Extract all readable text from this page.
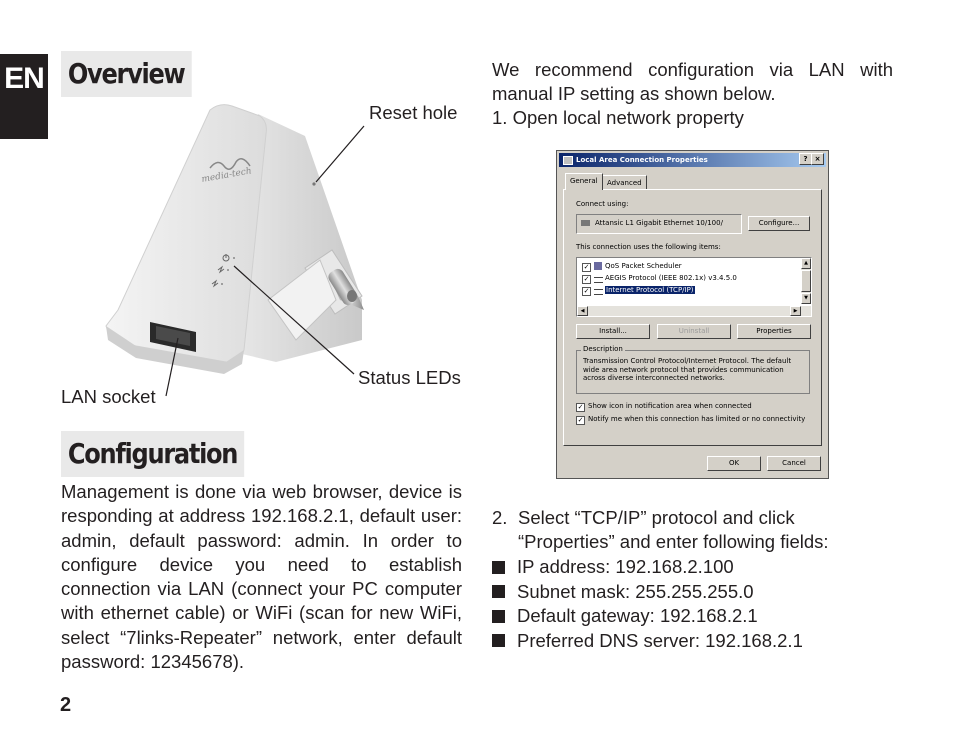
EN Overview
media-tech
Reset hole
Status LEDs
LAN socket
Configuration

Management is done via web browser, device is responding at address 192.168.2.1, default user: admin, default password: admin. In order to configure device you need to establish connection via LAN (connect your PC computer with ethernet cable) or WiFi (scan for new WiFi, select “7links-Repeater” network, enter default password: 12345678).

We recommend configuration via LAN with manual IP setting as shown below.

1. Open local network property
Local Area Connection Properties	?	×
General	Advanced
Connect using:
Attansic L1 Gigabit Ethernet 10/100/	Configure...
This connection uses the following items:
✓ QoS Packet Scheduler
✓ AEGIS Protocol (IEEE 802.1x) v3.4.5.0
✓ Internet Protocol (TCP/IP)
▲
▼
◀	▶
Install...	Uninstall	Properties
Description
Transmission Control Protocol/Internet Protocol. The default wide area network protocol that provides communication across diverse interconnected networks.
✓ Show icon in notification area when connected
✓ Notify me when this connection has limited or no connectivity
OK	Cancel
2. Select “TCP/IP” protocol and click “Properties” and enter following fields:

IP address: 192.168.2.100
Subnet mask: 255.255.255.0
Default gateway: 192.168.2.1
Preferred DNS server: 192.168.2.1
2
